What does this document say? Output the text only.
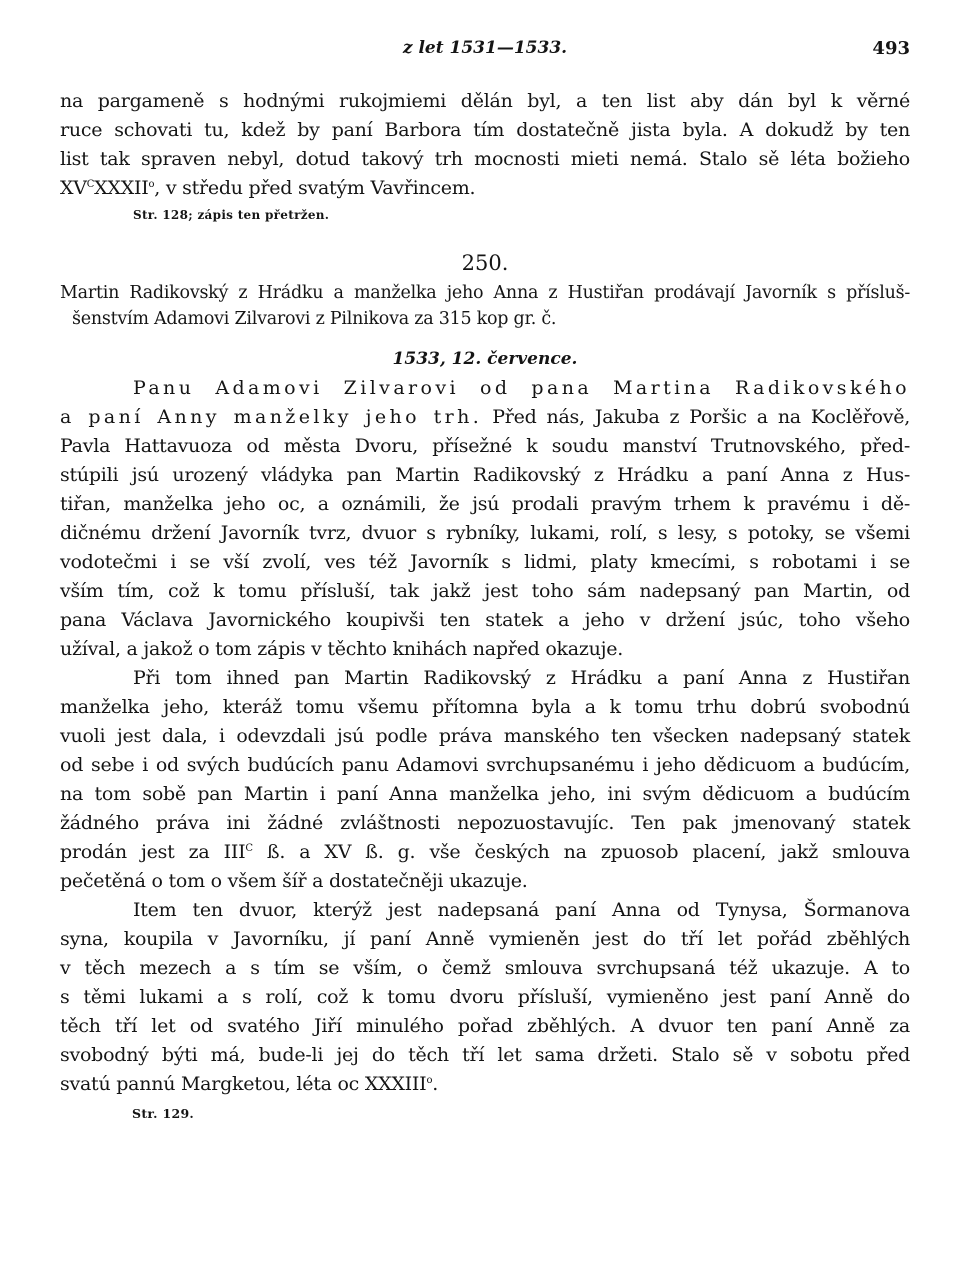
z let 1531—1533.	493
na pargameně s hodnými rukojmiemi dělán byl, a ten list aby dán byl k věrné
ruce schovati tu, kdež by paní Barbora tím dostatečně jista byla. A dokudž by ten
list tak spraven nebyl, dotud takový trh mocnosti mieti nemá. Stalo sě léta božieho
$XV^CXXXII^o$, v středu před svatým Vavřincem.
Str. 128; zápis ten přetržen.
250.
Martin Radikovský z Hrádku a manželka jeho Anna z Hustiřan prodávají Javorník s přísluš-
šenstvím Adamovi Zilvarovi z Pilnikova za 315 kop gr. č.
1533, 12. července.
Panu Adamovi Zilvarovi od pana Martina Radikovského
a paní Anny manželky jeho trh. Před nás, Jakuba z Poršic a na Koclěřově,
Pavla Hattavuoza od města Dvoru, přísežné k soudu manství Trutnovského, před-
stúpili jsú urozený vládyka pan Martin Radikovský z Hrádku a paní Anna z Hus-
tiřan, manželka jeho oc, a oznámili, že jsú prodali pravým trhem k pravému i dě-
dičnému držení Javorník tvrz, dvuor s rybníky, lukami, rolí, s lesy, s potoky, se všemi
vodotečmi i se vší zvolí, ves též Javorník s lidmi, platy kmecími, s robotami i se
vším tím, což k tomu přísluší, tak jakž jest toho sám nadepsaný pan Martin, od
pana Václava Javornického koupivši ten statek a jeho v držení jsúc, toho všeho
užíval, a jakož o tom zápis v těchto knihách napřed okazuje.
Při tom ihned pan Martin Radikovský z Hrádku a paní Anna z Hustiřan
manželka jeho, kteráž tomu všemu přítomna byla a k tomu trhu dobrú svobodnú
vuoli jest dala, i odevzdali jsú podle práva manského ten všecken nadepsaný statek
od sebe i od svých budúcích panu Adamovi svrchupsanému i jeho dědicuom a budúcím,
na tom sobě pan Martin i paní Anna manželka jeho, ini svým dědicuom a budúcím
žádného práva ini žádné zvláštnosti nepozuostavujíc. Ten pak jmenovaný statek
prodán jest za $III^C$ ß. a XV ß. g. vše českých na zpuosob placení, jakž smlouva
pečetěná o tom o všem šíř a dostatečněji ukazuje.
Item ten dvuor, kterýž jest nadepsaná paní Anna od Tynysa, Šormanova
syna, koupila v Javorníku, jí paní Anně vymieněn jest do tří let pořád zběhlých
v těch mezech a s tím se vším, o čemž smlouva svrchupsaná též ukazuje. A to
s těmi lukami a s rolí, což k tomu dvoru přísluší, vymieněno jest paní Anně do
těch tří let od svatého Jiří minulého pořad zběhlých. A dvuor ten paní Anně za
svobodný býti má, bude-li jej do těch tří let sama držeti. Stalo sě v sobotu před
svatú pannú Margketou, léta oc XXXIII$^o$.
Str. 129.
